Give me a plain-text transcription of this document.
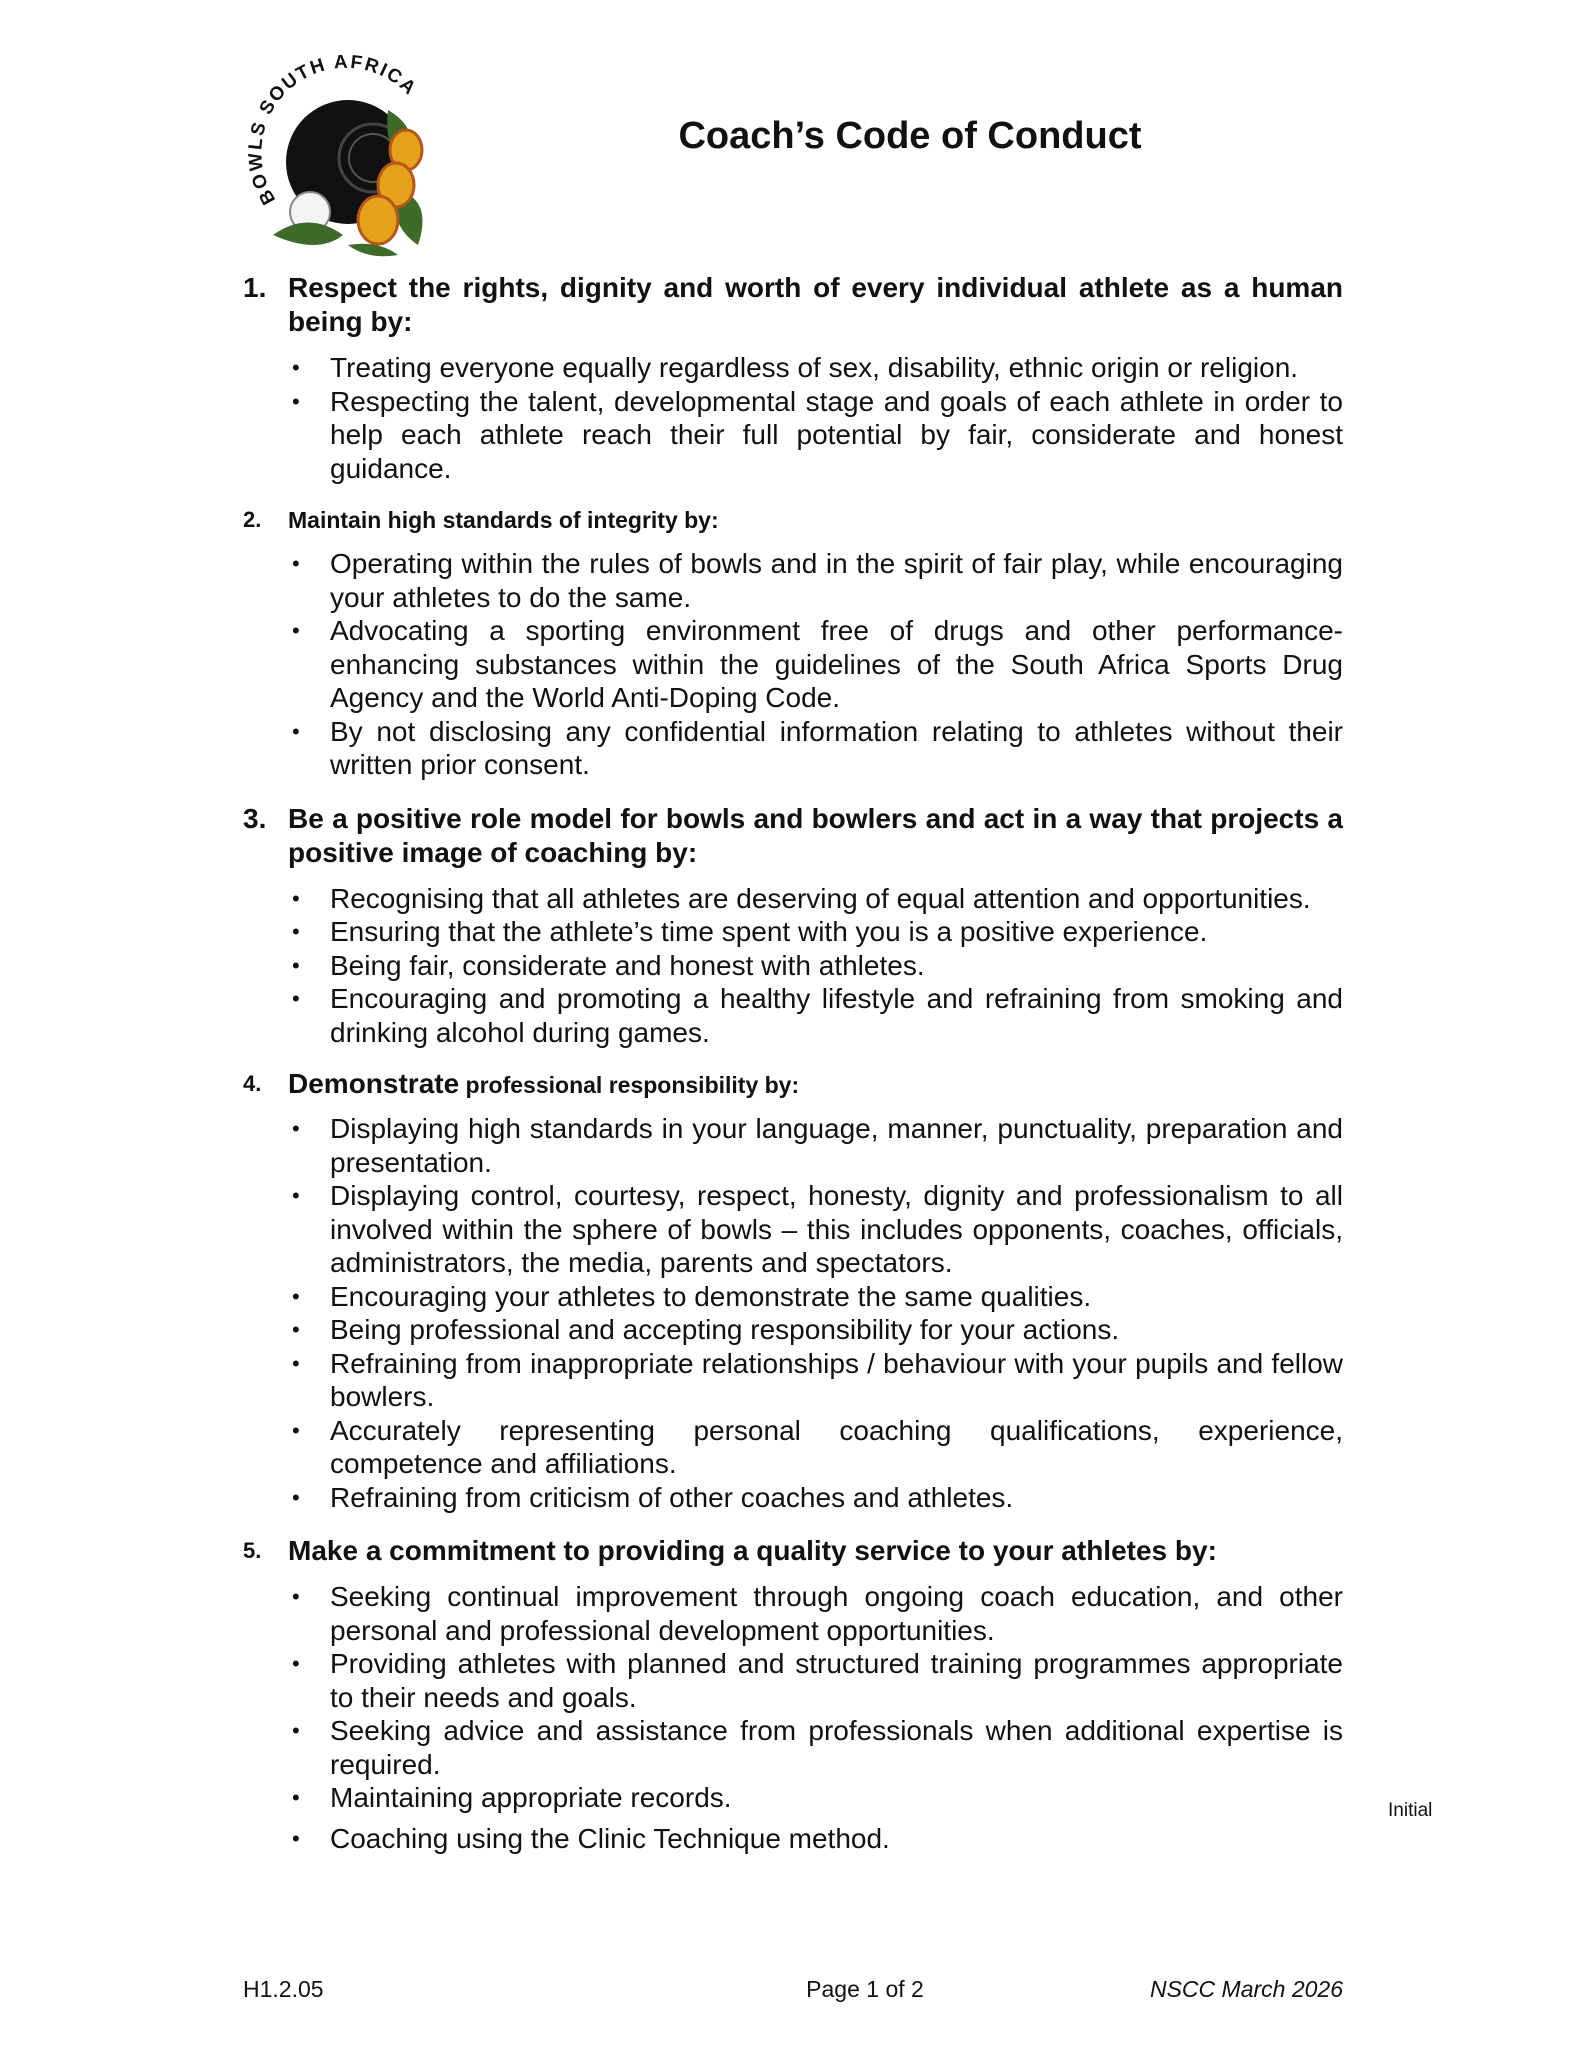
BO S SOUTH AFRICA
Coach’s Code of Conduct
1. Respect the rights, dignity and worth of every individual athlete as a human being by:
• Treating everyone equally regardless of sex, disability, ethnic origin or religion.
• Respecting the talent, developmental stage and goals of each athlete in order to help each athlete reach their full potential by fair, considerate and honest guidance.
2.	Maintain high standards of integrity by:
• Operating within the rules of bowls and in the spirit of fair play, while encouraging your athletes to do the same.
• Advocating a sporting environment free of drugs and other performance-enhancing substances within the guidelines of the South Africa Sports Drug Agency and the World Anti-Doping Code.
• By not disclosing any confidential information relating to athletes without their written prior consent.
3. Be a positive role model for bowls and bowlers and act in a way that projects a positive image of coaching by:
• Recognising that all athletes are deserving of equal attention and opportunities.
• Ensuring that the athlete’s time spent with you is a positive experience.
• Being fair, considerate and honest with athletes.
• Encouraging and promoting a healthy lifestyle and refraining from smoking and drinking alcohol during games.
4. Demonstrate professional responsibility by:
• Displaying high standards in your language, manner, punctuality, preparation and presentation.
• Displaying control, courtesy, respect, honesty, dignity and professionalism to all involved within the sphere of bowls – this includes opponents, coaches, officials, administrators, the media, parents and spectators.
• Encouraging your athletes to demonstrate the same qualities.
• Being professional and accepting responsibility for your actions.
• Refraining from inappropriate relationships / behaviour with your pupils and fellow bowlers.
• Accurately representing personal coaching qualifications, experience, competence and affiliations.
• Refraining from criticism of other coaches and athletes.
5. Make a commitment to providing a quality service to your athletes by:
• Seeking continual improvement through ongoing coach education, and other personal and professional development opportunities.
• Providing athletes with planned and structured training programmes appropriate to their needs and goals.
• Seeking advice and assistance from professionals when additional expertise is required.
• Maintaining appropriate records.
• Coaching using the Clinic Technique method.
Initial
H1.2.05	Page 1 of 2	NSCC March 2026
